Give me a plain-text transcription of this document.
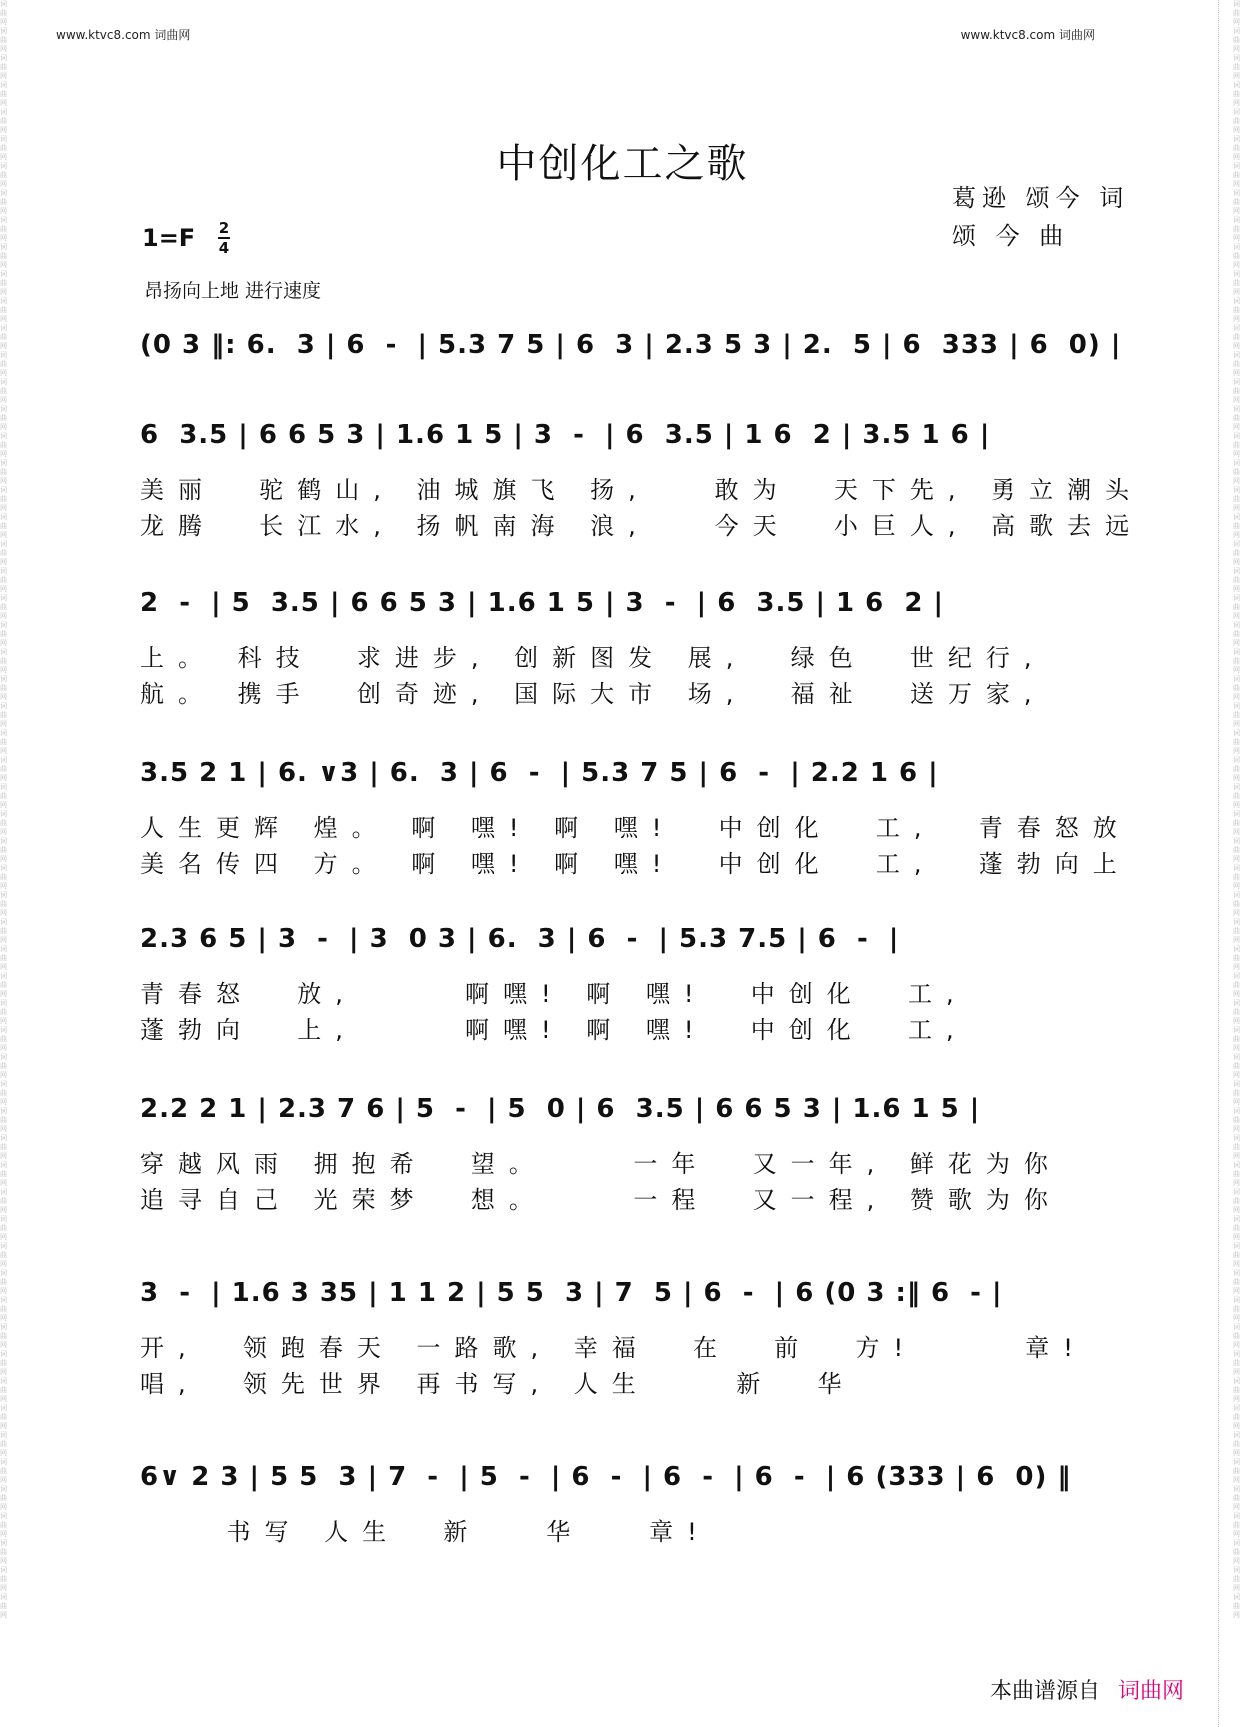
www.ktvc8.com 词曲网	www.ktvc8.com 词曲网
词曲网词曲网词曲网词曲网词曲网词曲网词曲网词曲网词曲网词曲网词曲网词曲网词曲网词曲网词曲网词曲网词曲网词曲网词曲网词曲网词曲网词曲网词曲网词曲网词曲网词曲网词曲网词曲网词曲网词曲网词曲网词曲网词曲网词曲网词曲网词曲网词曲网词曲网词曲网词曲网词曲网词曲网词曲网词曲网词曲网词曲网词曲网词曲网词曲网词曲网词曲网词曲网词曲网词曲网词曲网词曲网词曲网词曲网词曲网词曲网
词曲网词曲网词曲网词曲网词曲网词曲网词曲网词曲网词曲网词曲网词曲网词曲网词曲网词曲网词曲网词曲网词曲网词曲网词曲网词曲网词曲网词曲网词曲网词曲网词曲网词曲网词曲网词曲网词曲网词曲网词曲网词曲网词曲网词曲网词曲网词曲网词曲网词曲网词曲网词曲网词曲网词曲网词曲网词曲网词曲网词曲网词曲网词曲网词曲网词曲网词曲网词曲网词曲网词曲网词曲网词曲网词曲网词曲网词曲网词曲网
中创化工之歌
葛逊 颂今 词
颂 今 曲
1=F 2
4
昂扬向上地 进行速度
(0 3 ‖: 6.  3 | 6  -  | 5.3 7 5 | 6  3 | 2.3 5 3 | 2.  5 | 6  333 | 6  0) |
6  3.5 | 6 6 5 3 | 1.6 1 5 | 3  -  | 6  3.5 | 1 6  2 | 3.5 1 6 |
美丽  驼鹤山, 油城旗飞 扬,   敢为  天下先, 勇立潮头
龙腾  长江水, 扬帆南海 浪,   今天  小巨人, 高歌去远
2  -  | 5  3.5 | 6 6 5 3 | 1.6 1 5 | 3  -  | 6  3.5 | 1 6  2 |
上。 科技  求进步, 创新图发 展,  绿色  世纪行,
航。 携手  创奇迹, 国际大市 场,  福祉  送万家,
3.5 2 1 | 6. ∨3 | 6.  3 | 6  -  | 5.3 7 5 | 6  -  | 2.2 1 6 |
人生更辉 煌。 啊 嘿! 啊 嘿!  中创化  工,  青春怒放
美名传四 方。 啊 嘿! 啊 嘿!  中创化  工,  蓬勃向上
2.3 6 5 | 3  -  | 3  0 3 | 6.  3 | 6  -  | 5.3 7.5 | 6  -  |
青春怒  放,     啊嘿! 啊 嘿!  中创化  工,
蓬勃向  上,     啊嘿! 啊 嘿!  中创化  工,
2.2 2 1 | 2.3 7 6 | 5  -  | 5  0 | 6  3.5 | 6 6 5 3 | 1.6 1 5 |
穿越风雨 拥抱希  望。    一年  又一年, 鲜花为你
追寻自己 光荣梦  想。    一程  又一程, 赞歌为你
3  -  | 1.6 3 35 | 1 1 2 | 5 5  3 | 7  5 | 6  -  | 6 (0 3 :‖ 6  - |
开,  领跑春天 一路歌, 幸福  在  前  方!     章!
唱,  领先世界 再书写, 人生    新  华
6∨ 2 3 | 5 5  3 | 7  -  | 5  -  | 6  -  | 6  -  | 6  -  | 6 (333 | 6  0) ‖
书写 人生  新   华   章!
本曲谱源自 词曲网
